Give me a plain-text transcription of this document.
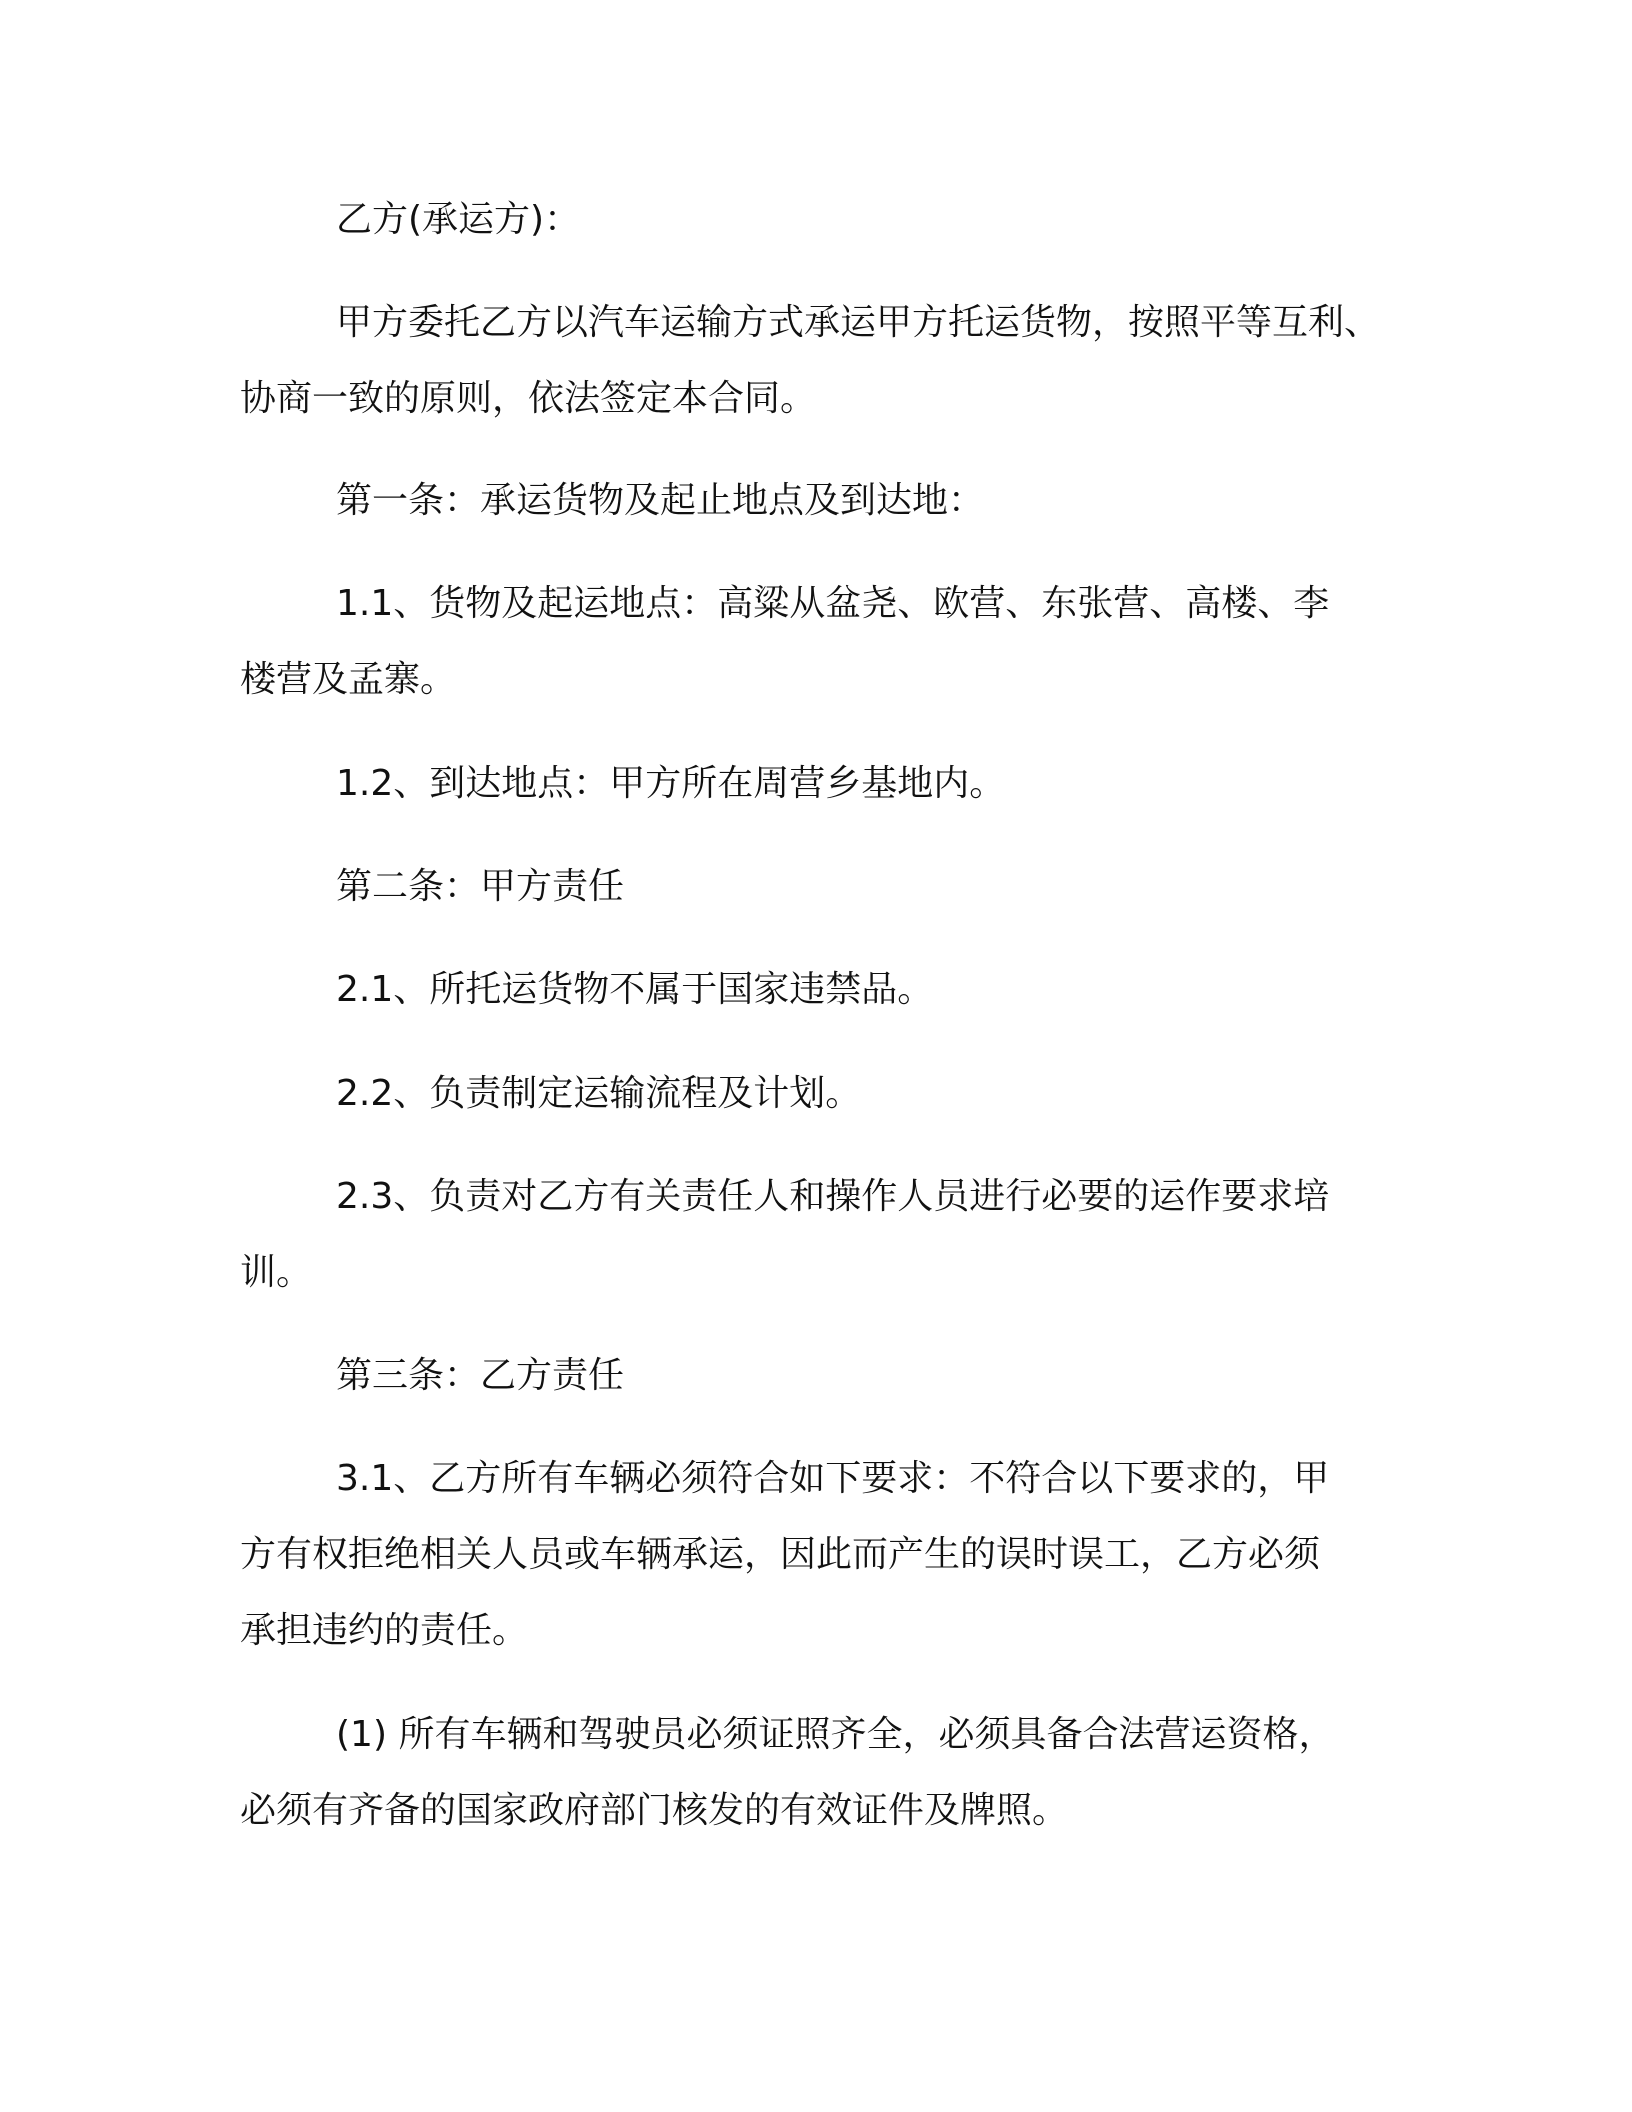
乙方(承运方)：

甲方委托乙方以汽车运输方式承运甲方托运货物，按照平等互利、
协商一致的原则，依法签定本合同。

第一条：承运货物及起止地点及到达地：

1.1、货物及起运地点：高粱从盆尧、欧营、东张营、高楼、李
楼营及孟寨。

1.2、到达地点：甲方所在周营乡基地内。

第二条：甲方责任

2.1、所托运货物不属于国家违禁品。

2.2、负责制定运输流程及计划。

2.3、负责对乙方有关责任人和操作人员进行必要的运作要求培
训。

第三条：乙方责任

3.1、乙方所有车辆必须符合如下要求：不符合以下要求的，甲
方有权拒绝相关人员或车辆承运，因此而产生的误时误工，乙方必须
承担违约的责任。

(1) 所有车辆和驾驶员必须证照齐全，必须具备合法营运资格，
必须有齐备的国家政府部门核发的有效证件及牌照。
